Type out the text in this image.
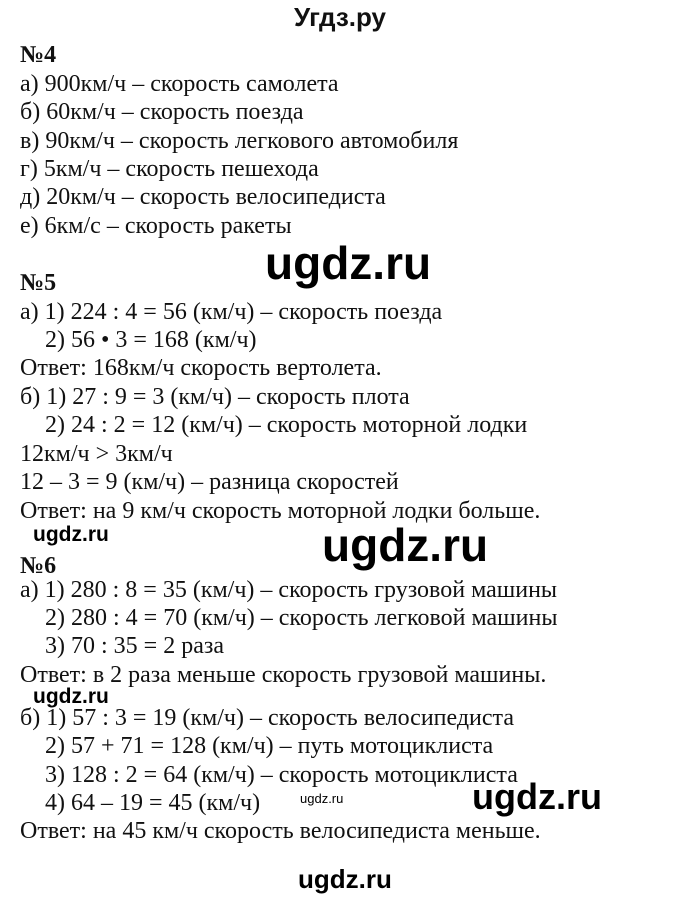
Угдз.ру
№4
а) 900км/ч – скорость самолета
б) 60км/ч – скорость поезда
в) 90км/ч – скорость легкового автомобиля
г) 5км/ч – скорость пешехода
д) 20км/ч – скорость велосипедиста
е) 6км/с – скорость ракеты
№5
а) 1) 224 : 4 = 56 (км/ч) – скорость поезда
2) 56 • 3 = 168 (км/ч)
Ответ: 168км/ч скорость вертолета.
б) 1) 27 : 9 = 3 (км/ч) – скорость плота
2) 24 : 2 = 12 (км/ч) – скорость моторной лодки
12км/ч > 3км/ч
12 – 3 = 9 (км/ч) – разница скоростей
Ответ: на 9 км/ч скорость моторной лодки больше.
№6
а) 1) 280 : 8 = 35 (км/ч) – скорость грузовой машины
2) 280 : 4 = 70 (км/ч) – скорость легковой машины
3) 70 : 35 = 2 раза
Ответ: в 2 раза меньше скорость грузовой машины.
б) 1) 57 : 3 = 19 (км/ч) – скорость велосипедиста
2) 57 + 71 = 128 (км/ч) – путь мотоциклиста
3) 128 : 2 = 64 (км/ч) – скорость мотоциклиста
4) 64 – 19 = 45 (км/ч)
Ответ: на 45 км/ч скорость велосипедиста меньше.
ugdz.ru
ugdz.ru
ugdz.ru
ugdz.ru
ugdz.ru	ugdz.ru
ugdz.ru
